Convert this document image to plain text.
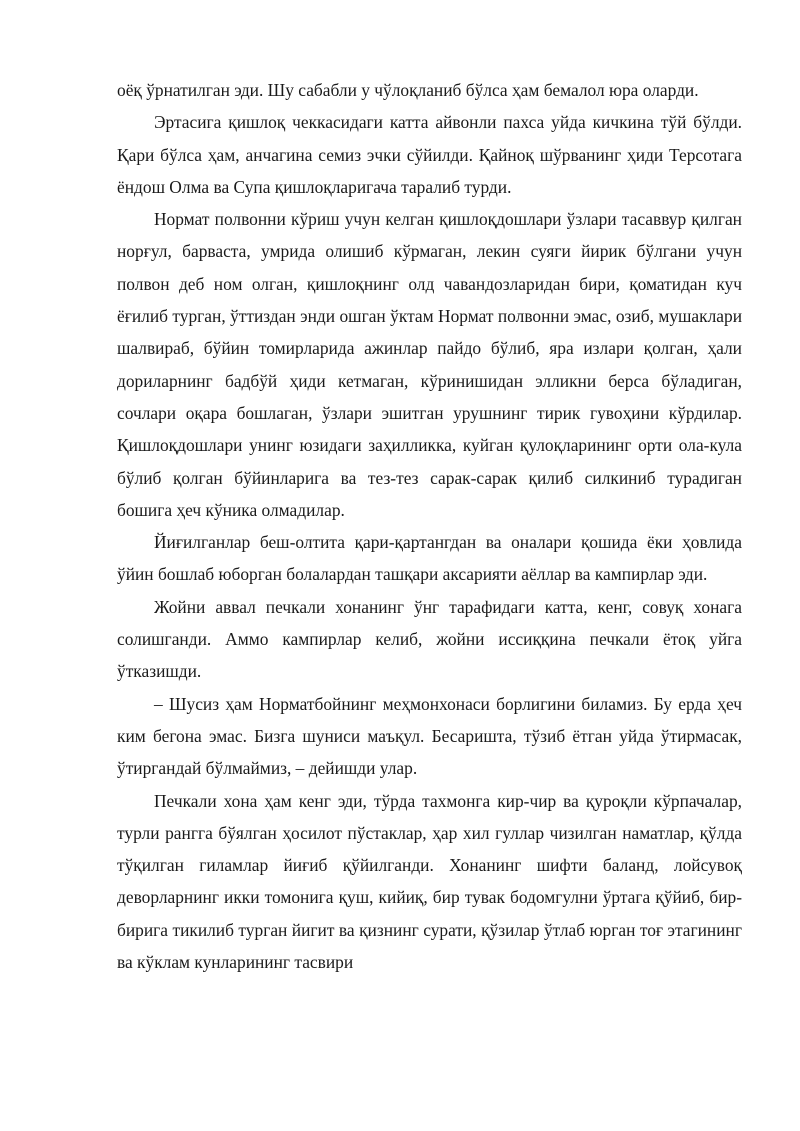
оёқ ўрнатилган эди. Шу сабабли у чўлоқланиб бўлса ҳам бемалол юра оларди.

Эртасига қишлоқ чеккасидаги катта айвонли пахса уйда кичкина тўй бўлди. Қари бўлса ҳам, анчагина семиз эчки сўйилди. Қайноқ шўрванинг ҳиди Терсотага ёндош Олма ва Супа қишлоқларигача таралиб турди.

Нормат полвонни кўриш учун келган қишлоқдошлари ўзлари тасаввур қилган норғул, барваста, умрида олишиб кўрмаган, лекин суяги йирик бўлгани учун полвон деб ном олган, қишлоқнинг олд чавандозларидан бири, қоматидан куч ёғилиб турган, ўттиздан энди ошган ўктам Нормат полвонни эмас, озиб, мушаклари шалвираб, бўйин томирларида ажинлар пайдо бўлиб, яра излари қолган, ҳали дориларнинг бадбўй ҳиди кетмаган, кўринишидан элликни берса бўладиган, сочлари оқара бошлаган, ўзлари эшитган урушнинг тирик гувоҳини кўрдилар. Қишлоқдошлари унинг юзидаги заҳилликка, куйган қулоқларининг орти ола-кула бўлиб қолган бўйинларига ва тез-тез сарак-сарак қилиб силкиниб турадиган бошига ҳеч кўника олмадилар.

Йиғилганлар беш-олтита қари-қартангдан ва оналари қошида ёки ҳовлида ўйин бошлаб юборган болалардан ташқари аксарияти аёллар ва кампирлар эди.

Жойни аввал печкали хонанинг ўнг тарафидаги катта, кенг, совуқ хонага солишганди. Аммо кампирлар келиб, жойни иссиққина печкали ётоқ уйга ўтказишди.

– Шусиз ҳам Норматбойнинг меҳмонхонаси борлигини биламиз. Бу ерда ҳеч ким бегона эмас. Бизга шуниси маъқул. Бесаришта, тўзиб ётган уйда ўтирмасак, ўтиргандай бўлмаймиз, – дейишди улар.

Печкали хона ҳам кенг эди, тўрда тахмонга кир-чир ва қуроқли кўрпачалар, турли рангга бўялган ҳосилот пўстаклар, ҳар хил гуллар чизилган наматлар, қўлда тўқилган гиламлар йиғиб қўйилганди. Хонанинг шифти баланд, лойсувоқ деворларнинг икки томонига қуш, кийиқ, бир тувак бодомгулни ўртага қўйиб, бир-бирига тикилиб турган йигит ва қизнинг сурати, қўзилар ўтлаб юрган тоғ этагининг ва кўклам кунларининг тасвири
